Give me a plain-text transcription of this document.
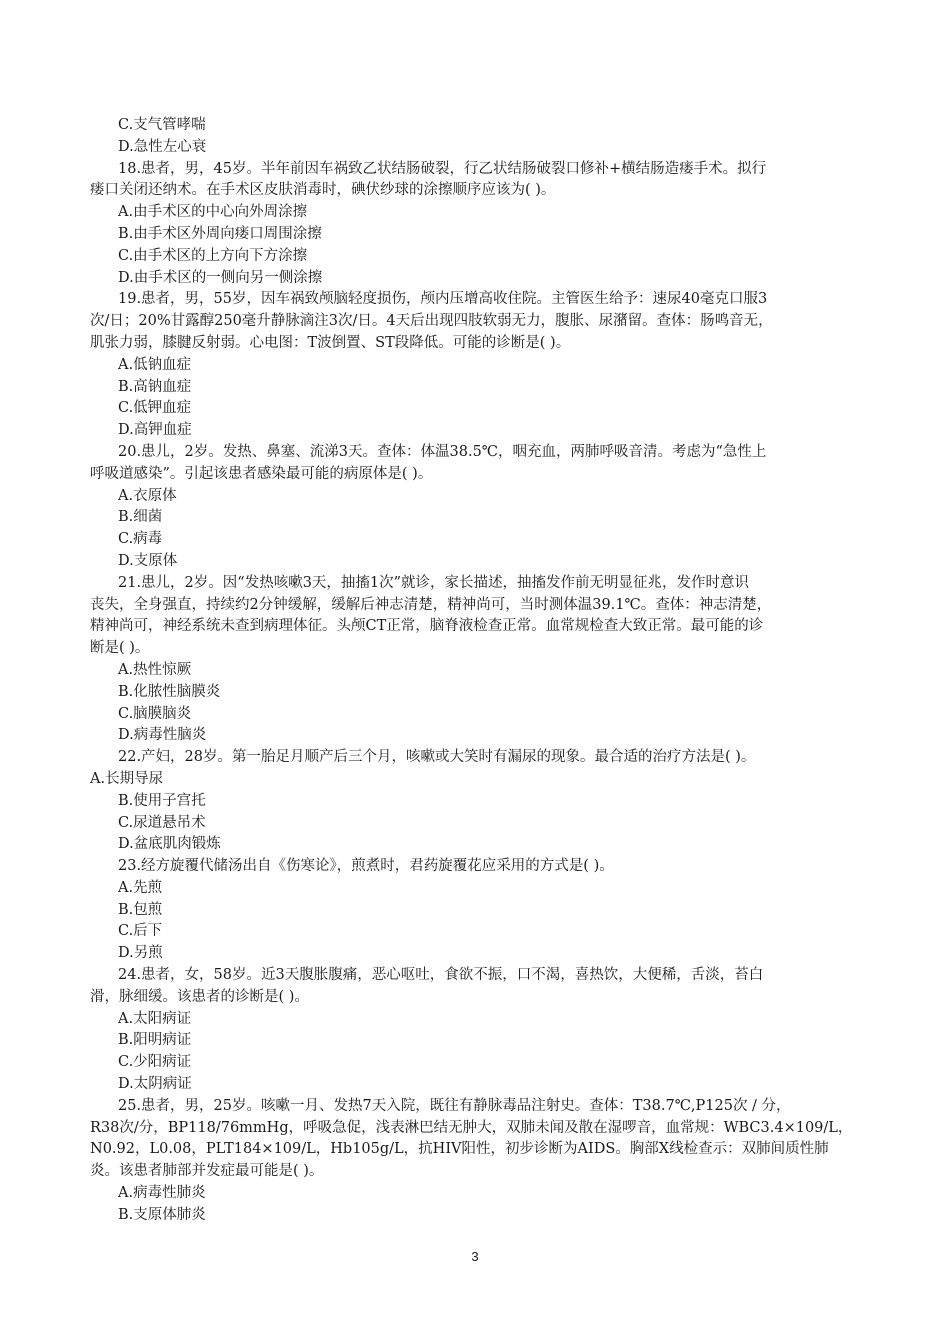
C.支气管哮喘
D.急性左心衰
18.患者，男，45岁。半年前因车祸致乙状结肠破裂，行乙状结肠破裂口修补+横结肠造瘘手术。拟行
瘘口关闭还纳术。在手术区皮肤消毒时，碘伏纱球的涂擦顺序应该为( )。
A.由手术区的中心向外周涂擦
B.由手术区外周向瘘口周围涂擦
C.由手术区的上方向下方涂擦
D.由手术区的一侧向另一侧涂擦
19.患者，男，55岁，因车祸致颅脑轻度损伤，颅内压增高收住院。主管医生给予：速尿40毫克口服3
次/日；20%甘露醇250毫升静脉滴注3次/日。4天后出现四肢软弱无力，腹胀、尿潴留。查体：肠鸣音无，
肌张力弱，膝腱反射弱。心电图：T波倒置、ST段降低。可能的诊断是( )。
A.低钠血症
B.高钠血症
C.低钾血症
D.高钾血症
20.患儿，2岁。发热、鼻塞、流涕3天。查体：体温38.5℃，咽充血，两肺呼吸音清。考虑为“急性上
呼吸道感染”。引起该患者感染最可能的病原体是( )。
A.衣原体
B.细菌
C.病毒
D.支原体
21.患儿，2岁。因“发热咳嗽3天，抽搐1次”就诊，家长描述，抽搐发作前无明显征兆，发作时意识
丧失，全身强直，持续约2分钟缓解，缓解后神志清楚，精神尚可，当时测体温39.1℃。查体：神志清楚，
精神尚可，神经系统未查到病理体征。头颅CT正常，脑脊液检查正常。血常规检查大致正常。最可能的诊
断是( )。
A.热性惊厥
B.化脓性脑膜炎
C.脑膜脑炎
D.病毒性脑炎
22.产妇，28岁。第一胎足月顺产后三个月，咳嗽或大笑时有漏尿的现象。最合适的治疗方法是( )。
A.长期导尿
B.使用子宫托
C.尿道悬吊术
D.盆底肌肉锻炼
23.经方旋覆代储汤出自《伤寒论》，煎煮时，君药旋覆花应采用的方式是( )。
A.先煎
B.包煎
C.后下
D.另煎
24.患者，女，58岁。近3天腹胀腹痛，恶心呕吐，食欲不振，口不渴，喜热饮，大便稀，舌淡，苔白
滑，脉细缓。该患者的诊断是( )。
A.太阳病证
B.阳明病证
C.少阳病证
D.太阴病证
25.患者，男，25岁。咳嗽一月、发热7天入院，既往有静脉毒品注射史。查体：T38.7℃,P125次 / 分，
R38次/分，BP118/76mmHg，呼吸急促，浅表淋巴结无肿大，双肺未闻及散在湿啰音，血常规：WBC3.4×109/L，
N0.92，L0.08，PLT184×109/L，Hb105g/L，抗HIV阳性，初步诊断为AIDS。胸部X线检查示：双肺间质性肺
炎。该患者肺部并发症最可能是( )。
A.病毒性肺炎
B.支原体肺炎
3
